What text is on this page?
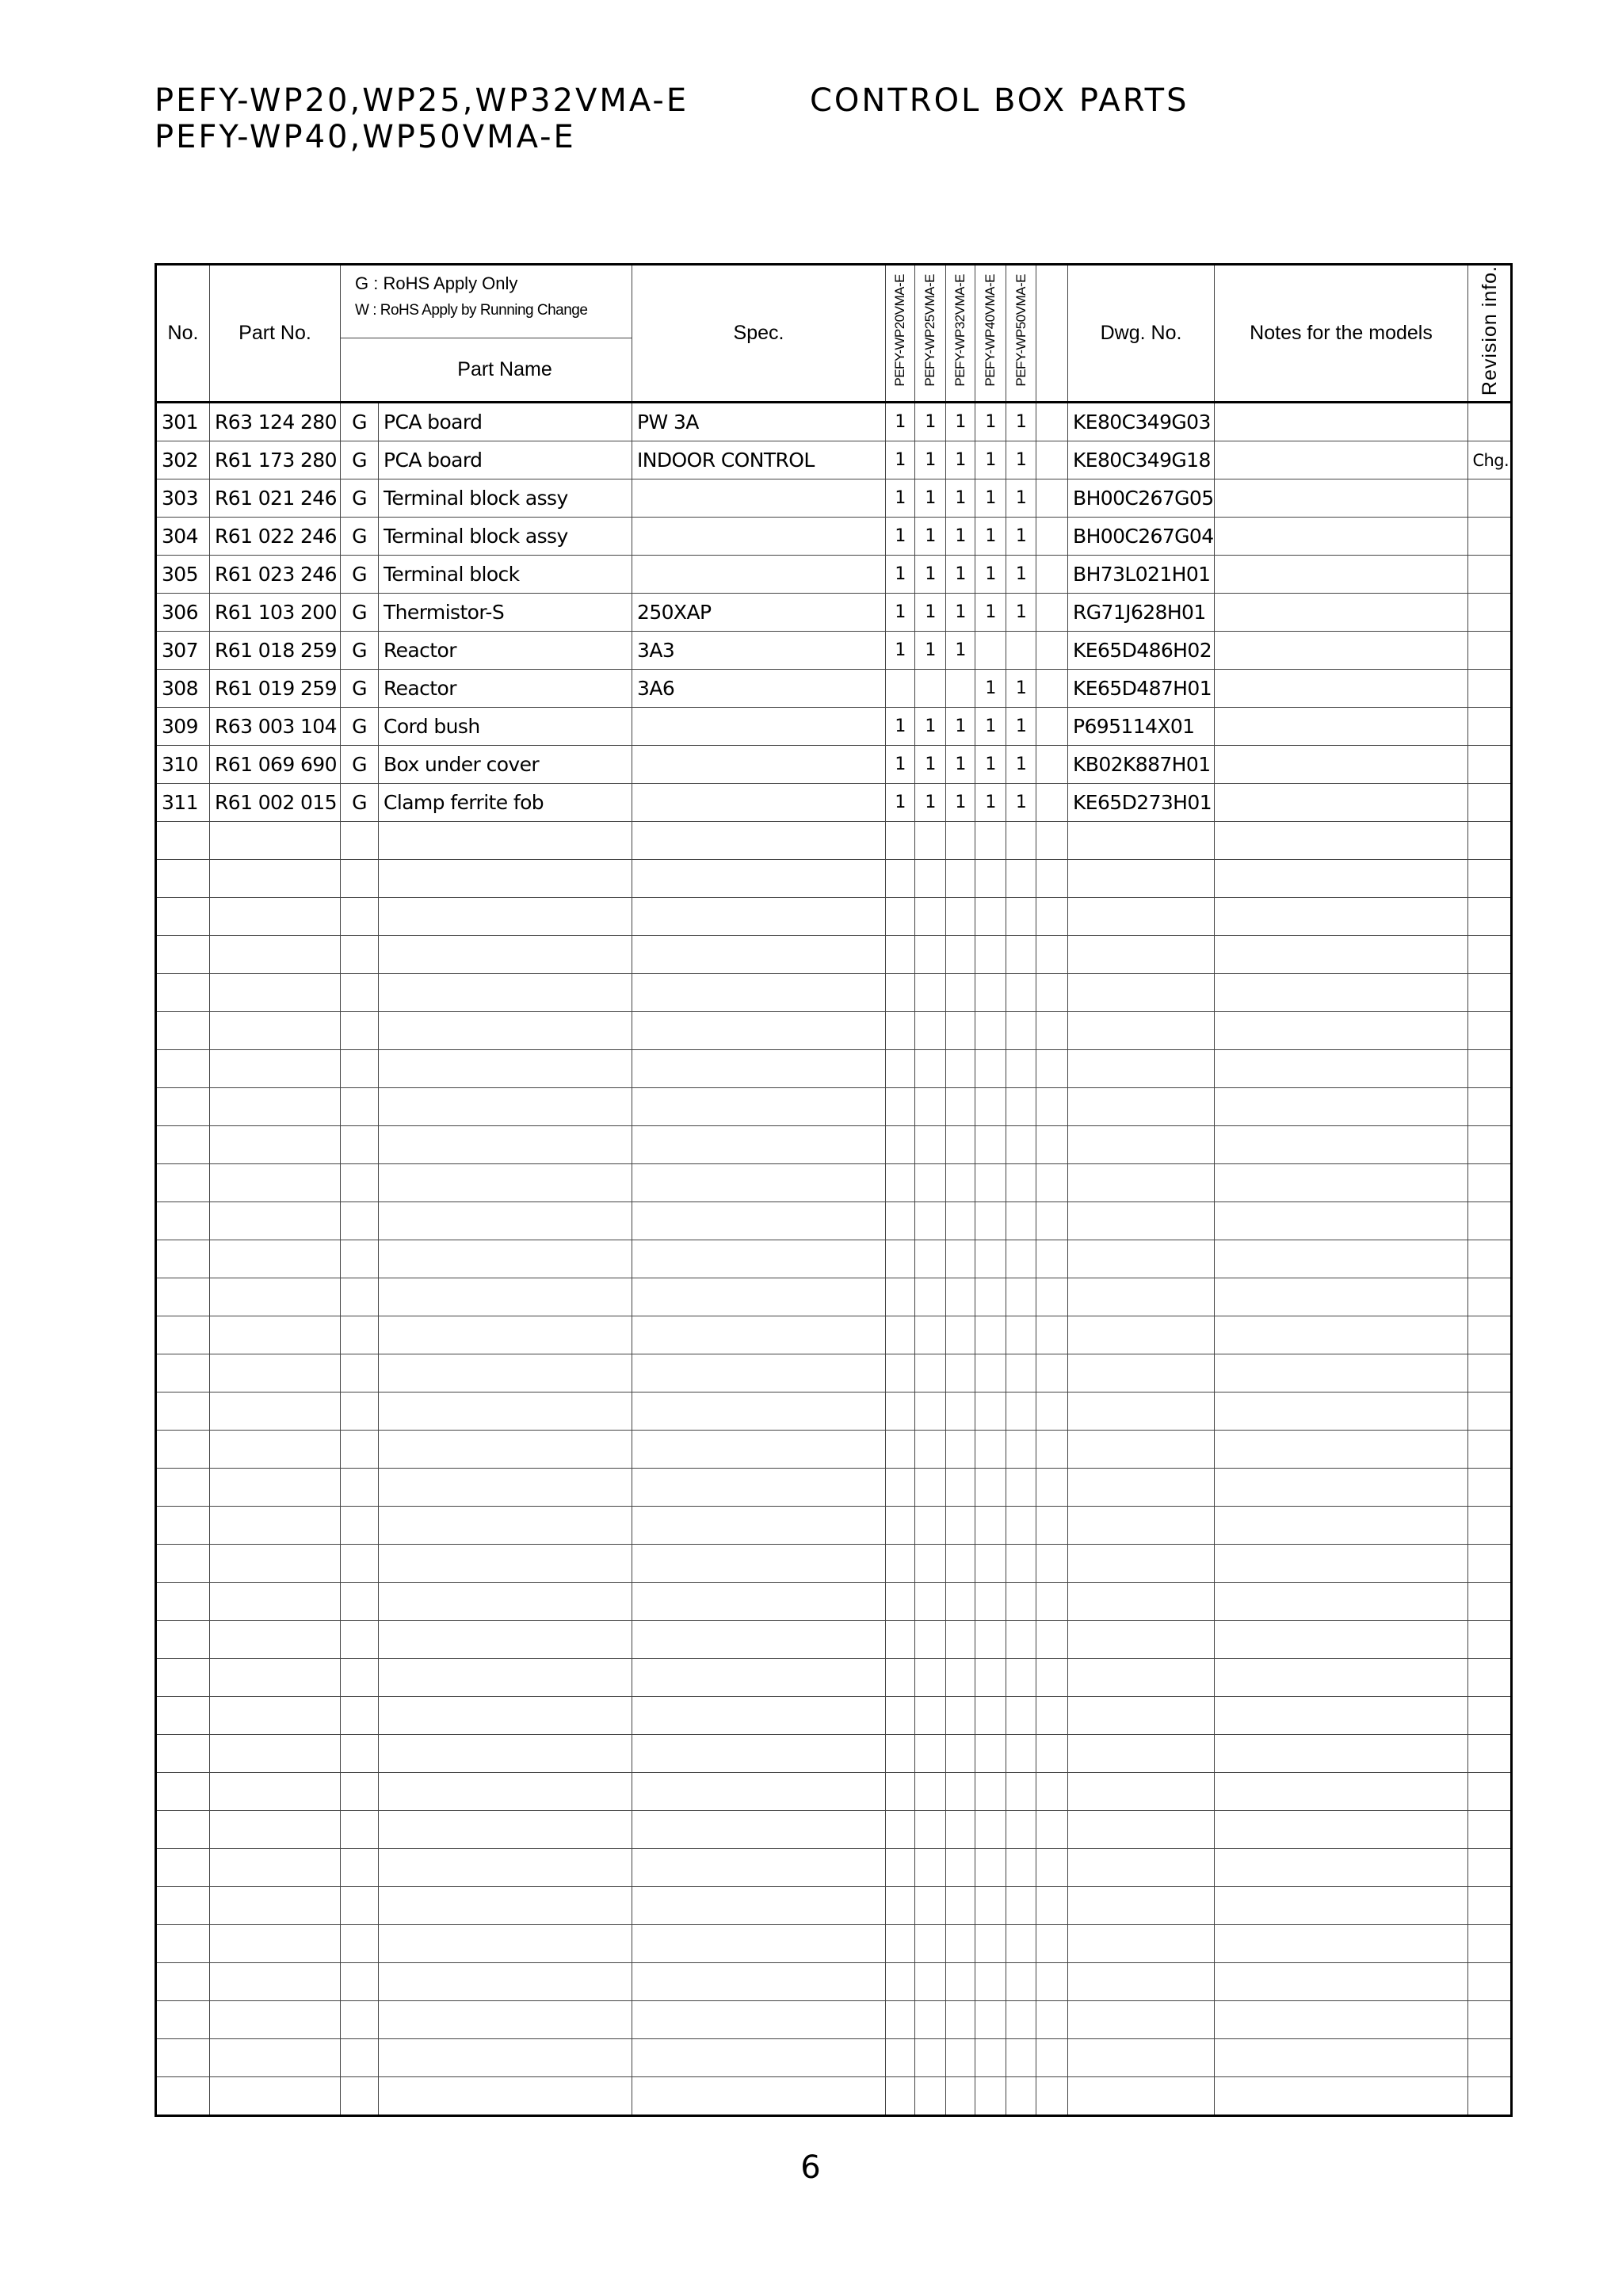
PEFY-WP20,WP25,WP32VMA-E
PEFY-WP40,WP50VMA-E
CONTROL BOX PARTS
No.	Part No.	G : RoHS Apply Only
W : RoHS Apply by Running Change		Spec.	PEFY-WP20VMA-E	PEFY-WP25VMA-E	PEFY-WP32VMA-E	PEFY-WP40VMA-E	PEFY-WP50VMA-E		Dwg. No.	Notes for the models	Revision info.

		Part Name											

301	R63 124 280	G	PCA board	PW 3A	1	1	1	1	1		KE80C349G03		
302	R61 173 280	G	PCA board	INDOOR CONTROL	1	1	1	1	1		KE80C349G18		Chg.
303	R61 021 246	G	Terminal block assy		1	1	1	1	1		BH00C267G05		
304	R61 022 246	G	Terminal block assy		1	1	1	1	1		BH00C267G04		
305	R61 023 246	G	Terminal block		1	1	1	1	1		BH73L021H01		
306	R61 103 200	G	Thermistor-S	250XAP	1	1	1	1	1		RG71J628H01		
307	R61 018 259	G	Reactor	3A3	1	1	1				KE65D486H02		
308	R61 019 259	G	Reactor	3A6				1	1		KE65D487H01		
309	R63 003 104	G	Cord bush		1	1	1	1	1		P695114X01		
310	R61 069 690	G	Box under cover		1	1	1	1	1		KB02K887H01		
311	R61 002 015	G	Clamp ferrite fob		1	1	1	1	1		KE65D273H01		

6
